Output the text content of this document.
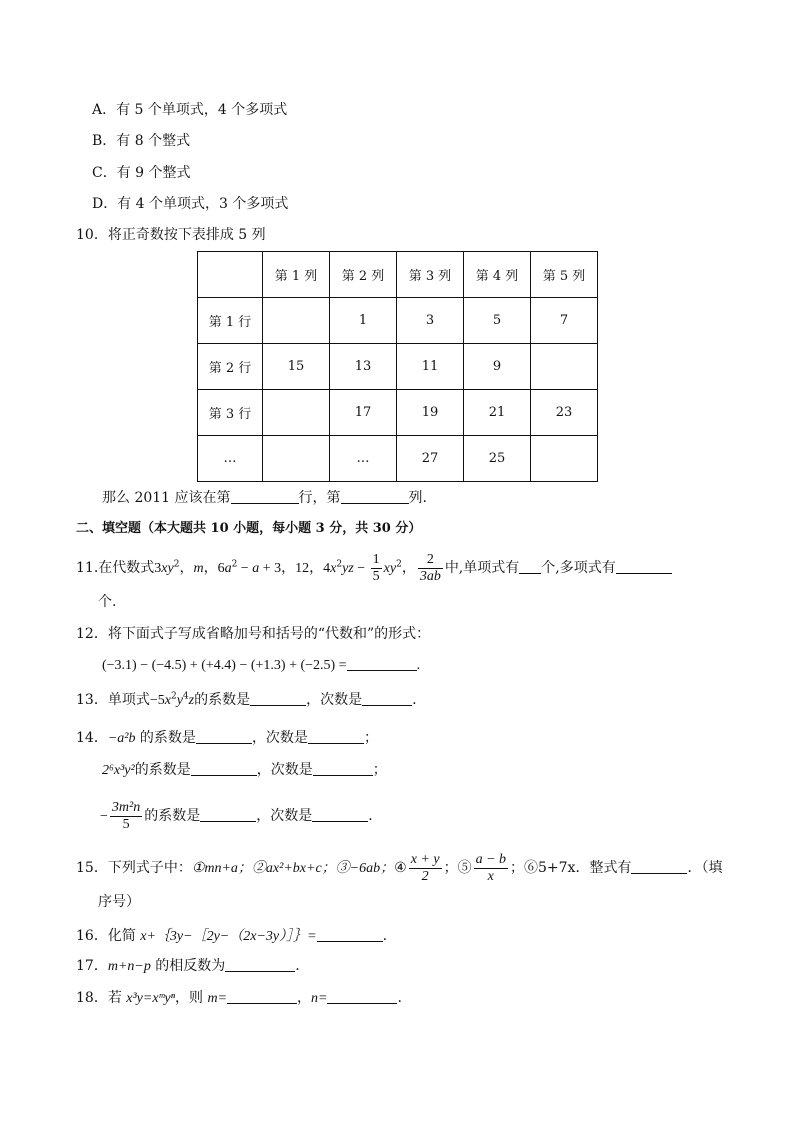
A．有 5 个单项式，4 个多项式
B．有 8 个整式
C．有 9 个整式
D．有 4 个单项式，3 个多项式
10．将正奇数按下表排成 5 列
	第 1 列	第 2 列	第 3 列	第 4 列	第 5 列
第 1 行		1	3	5	7
第 2 行	15	13	11	9	
第 3 行		17	19	21	23
…		…	27	25	
那么 2011 应该在第	行，第	列.
二、填空题（本大题共 10 小题，每小题 3 分，共 30 分）
11.在代数式$3xy^2$，m，$6a^2 - a + 3$，12，$4x^2yz - \frac{1}{5} xy^2$， $\frac{2}{3ab}$ 中,单项式有 个,多项式有
个.
12．将下面式子写成省略加号和括号的“代数和”的形式：
(−3.1) − (−4.5) + (+4.4) − (+1.3) + (−2.5) =	.
13．单项式$-5x^2y^4z$的系数是	，次数是	.
14．−a²b 的系数是	，次数是	；
2⁶x³y²的系数是	，次数是	；
− $\frac{\text{3m²n}}{5}$ 的系数是	，次数是	.
15．下列式子中：①mn+a；②ax²+bx+c；③−6ab；④ $\frac{x + y}{2}$ ；⑤ $\frac{a - b}{x}$ ；⑥5+7x．整式有	．（填
序号）
16．化简 x+｛3y−［2y−（2x−3y）］｝=	.
17．m+n−p 的相反数为	.
18．若 x³y=xᵐyⁿ，则 m=	，n=	.
